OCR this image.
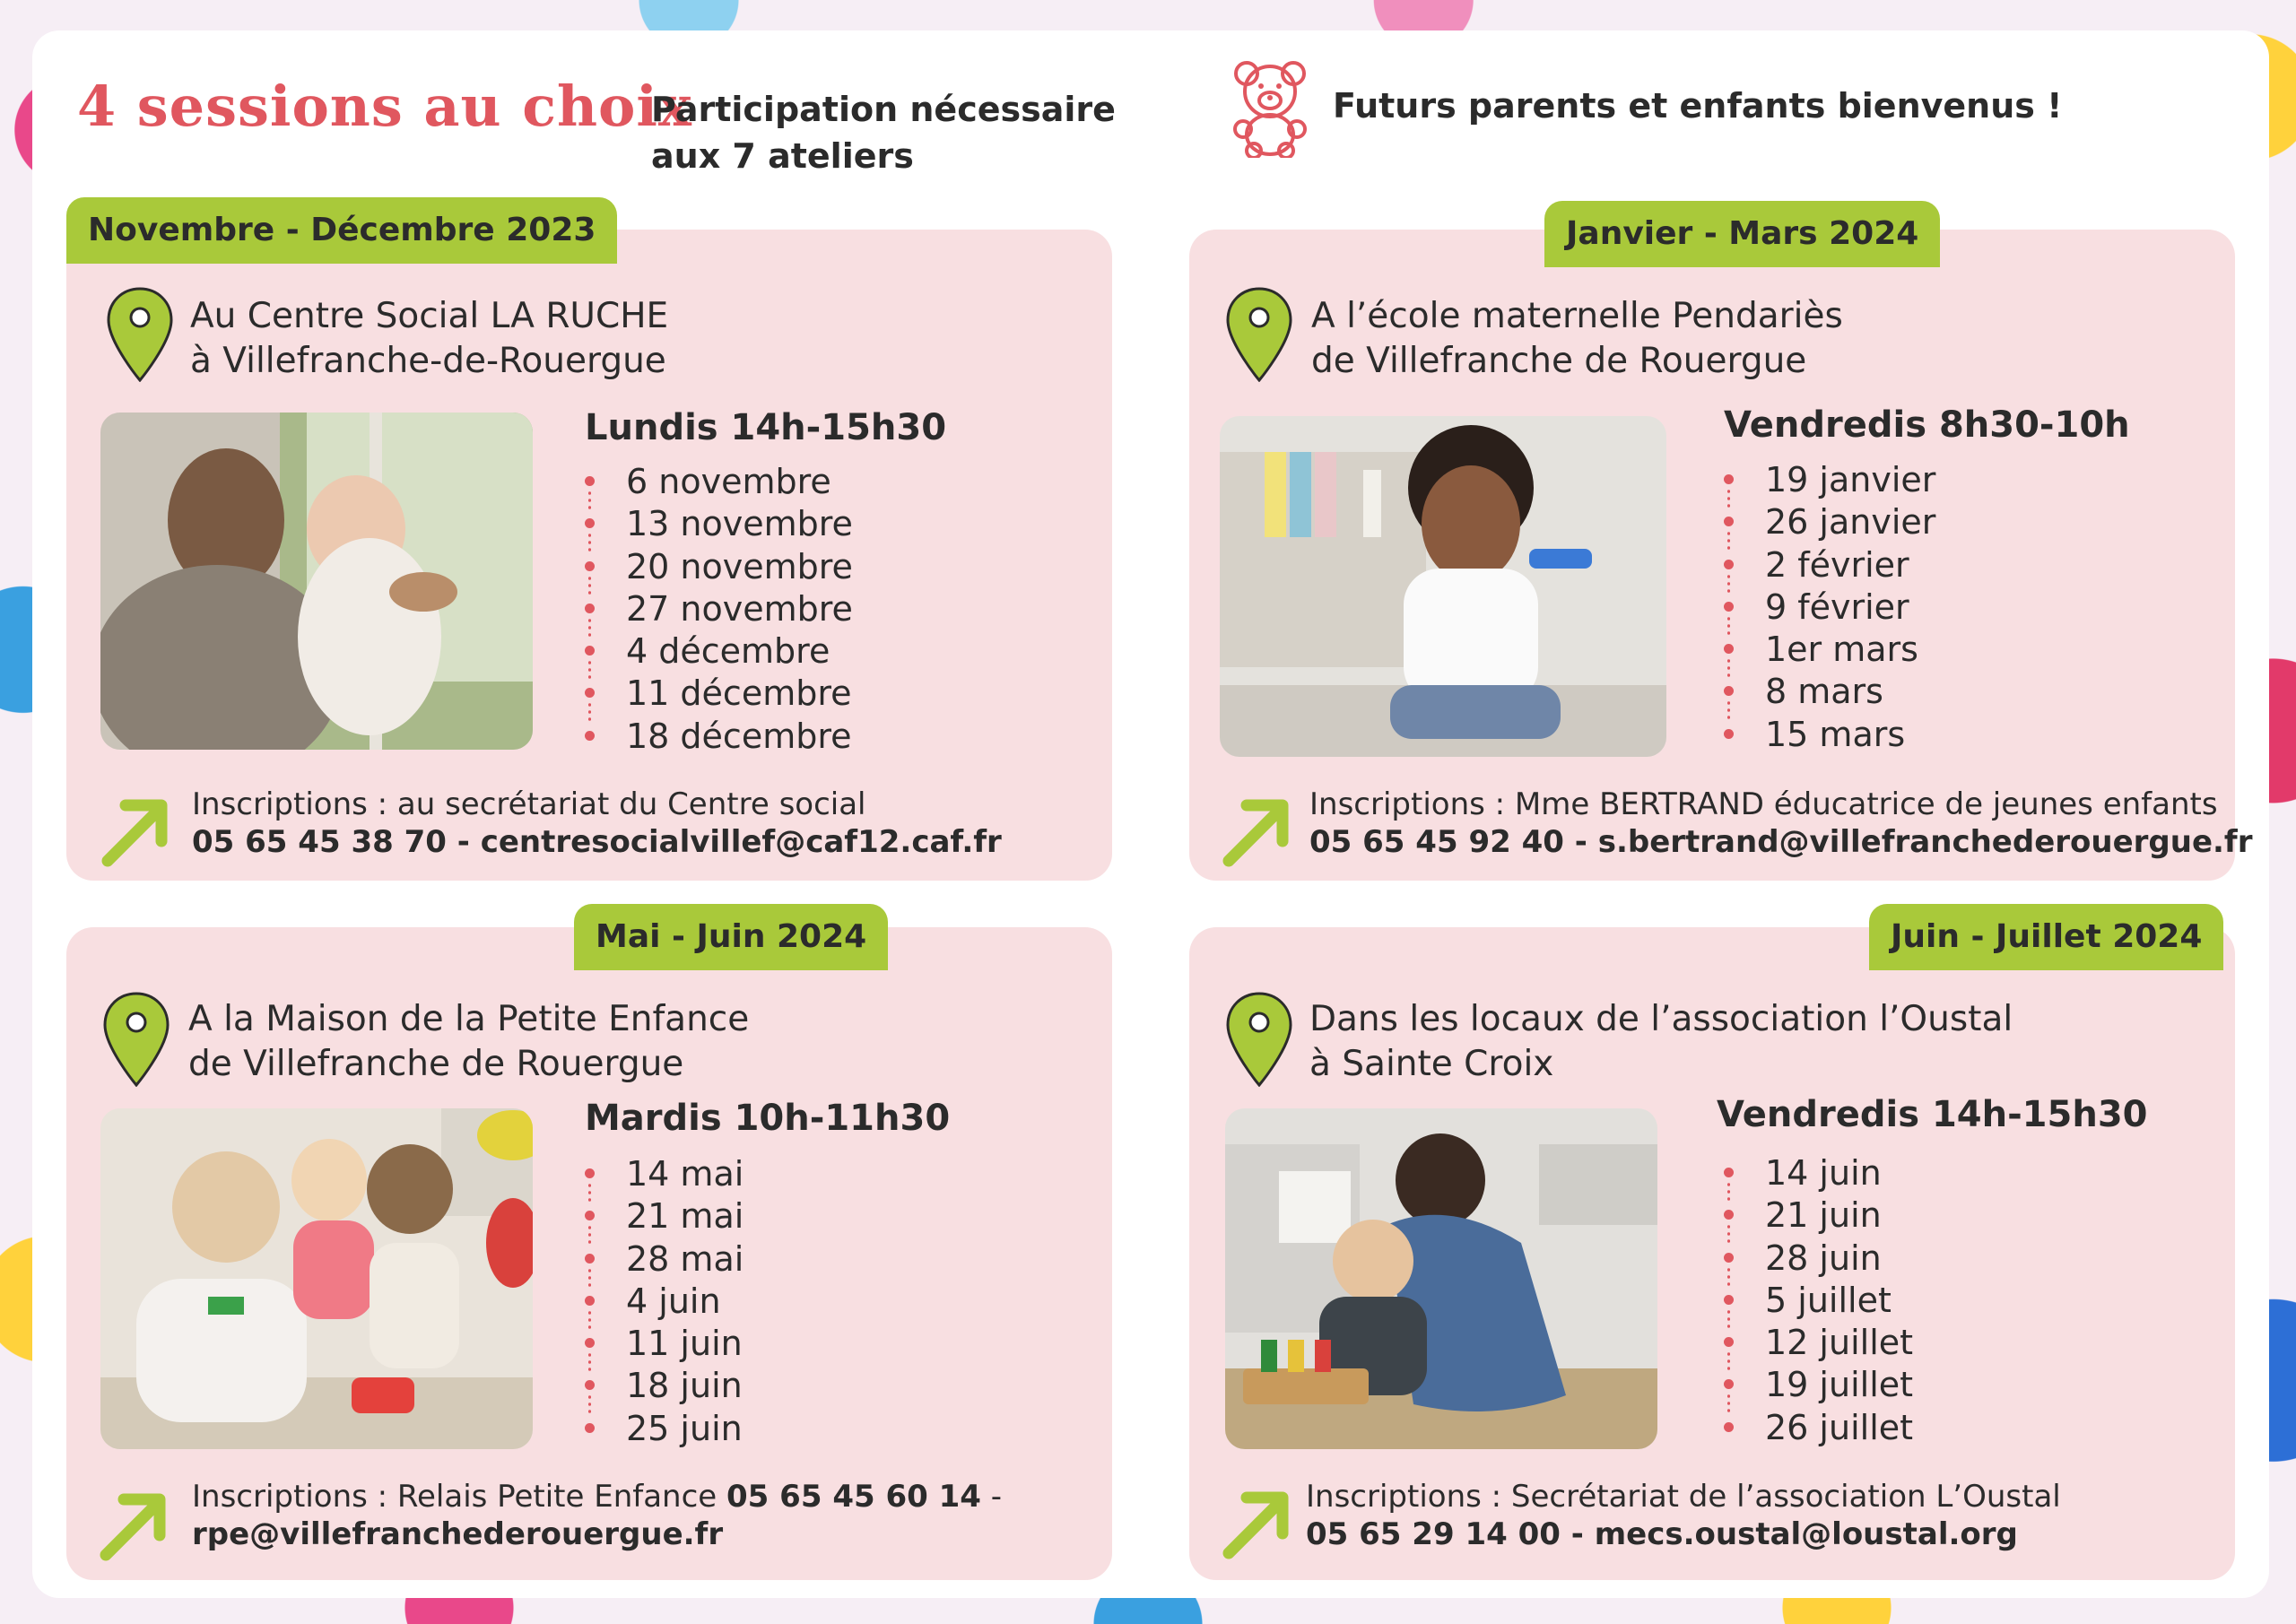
4 sessions au choix
Participation nécessaire
aux 7 ateliers
Futurs parents et enfants bienvenus !
Novembre - Décembre 2023
Au Centre Social LA RUCHE
à Villefranche-de-Rouergue
Lundis 14h-15h30
6 novembre
13 novembre
20 novembre
27 novembre
4 décembre
11 décembre
18 décembre
Inscriptions : au secrétariat du Centre social
05 65 45 38 70 - centresocialvillef@caf12.caf.fr
Janvier - Mars 2024
A l’école maternelle Pendariès
de Villefranche de Rouergue
Vendredis 8h30-10h
19 janvier
26 janvier
2 février
9 février
1er mars
8 mars
15 mars
Inscriptions : Mme BERTRAND éducatrice de jeunes enfants
05 65 45 92 40 - s.bertrand@villefranchederouergue.fr
Mai - Juin 2024
A la Maison de la Petite Enfance
de Villefranche de Rouergue
Mardis 10h-11h30
14 mai
21 mai
28 mai
4 juin
11 juin
18 juin
25 juin
Inscriptions : Relais Petite Enfance 05 65 45 60 14 -
rpe@villefranchederouergue.fr
Juin - Juillet 2024
Dans les locaux de l’association l’Oustal
à Sainte Croix
Vendredis 14h-15h30
14 juin
21 juin
28 juin
5 juillet
12 juillet
19 juillet
26 juillet
Inscriptions : Secrétariat de l’association L’Oustal
05 65 29 14 00 - mecs.oustal@loustal.org
